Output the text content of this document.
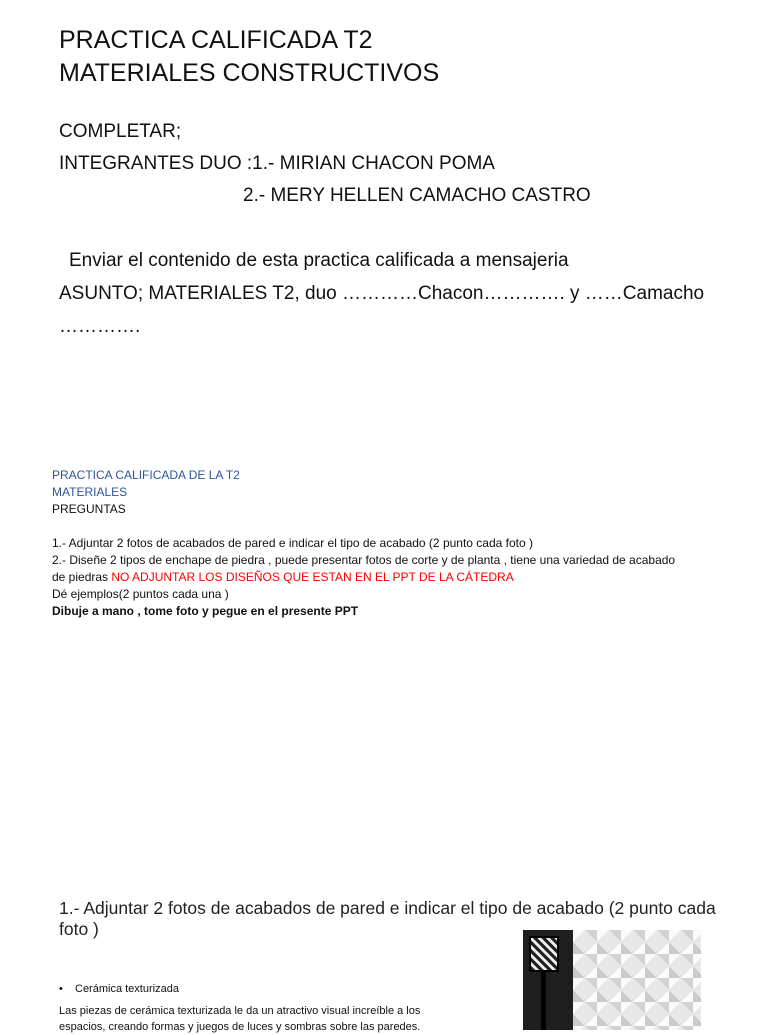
PRACTICA CALIFICADA T2
MATERIALES CONSTRUCTIVOS
COMPLETAR;
INTEGRANTES DUO :1.- MIRIAN CHACON POMA
2.- MERY HELLEN CAMACHO CASTRO
Enviar el contenido de esta practica calificada a mensajeria
ASUNTO; MATERIALES T2, duo …………Chacon…………. y ……Camacho
………….
PRACTICA CALIFICADA DE LA T2
MATERIALES
PREGUNTAS
1.- Adjuntar 2 fotos de acabados de pared e indicar el tipo de acabado (2 punto cada foto )
2.- Diseñe 2 tipos de enchape de piedra , puede presentar fotos de corte y de planta , tiene una variedad de acabado
de piedras NO ADJUNTAR LOS DISEÑOS QUE ESTAN EN EL PPT DE LA CÁTEDRA
Dé ejemplos(2 puntos cada una )
Dibuje a mano , tome foto y pegue en el presente PPT
1.- Adjuntar 2 fotos de acabados de pared e indicar el tipo de acabado (2 punto cada foto )
• Cerámica texturizada
Las piezas de cerámica texturizada le da un atractivo visual increíble a los espacios, creando formas y juegos de luces y sombras sobre las paredes.
